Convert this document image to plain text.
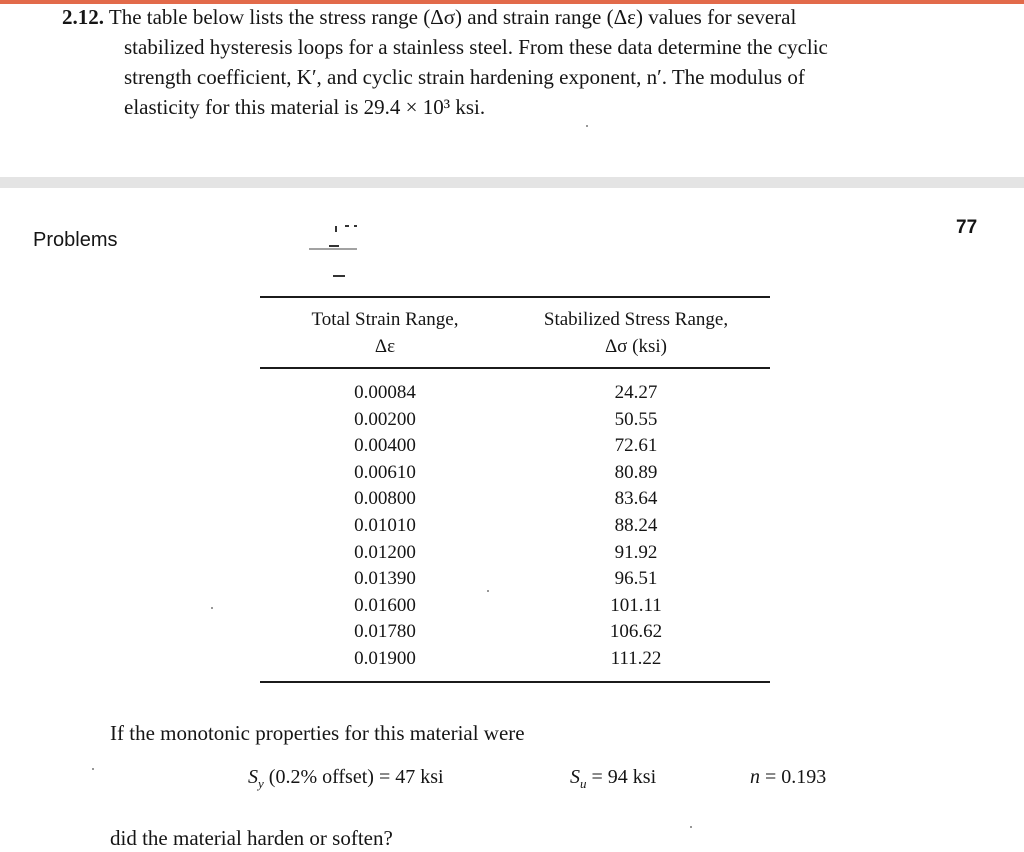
2.12. The table below lists the stress range (Δσ) and strain range (Δε) values for several
stabilized hysteresis loops for a stainless steel. From these data determine the cyclic
strength coefficient, K′, and cyclic strain hardening exponent, n′. The modulus of
elasticity for this material is 29.4 × 10³ ksi.
Problems
77
Total Strain Range,
Δε
Stabilized Stress Range,
Δσ (ksi)
0.00084	24.27
0.00200	50.55
0.00400	72.61
0.00610	80.89
0.00800	83.64
0.01010	88.24
0.01200	91.92
0.01390	96.51
0.01600	101.11
0.01780	106.62
0.01900	111.22
If the monotonic properties for this material were
$S_y$ (0.2% offset) = 47 ksi	$S_u = 94$ ksi	n = 0.193
did the material harden or soften?
